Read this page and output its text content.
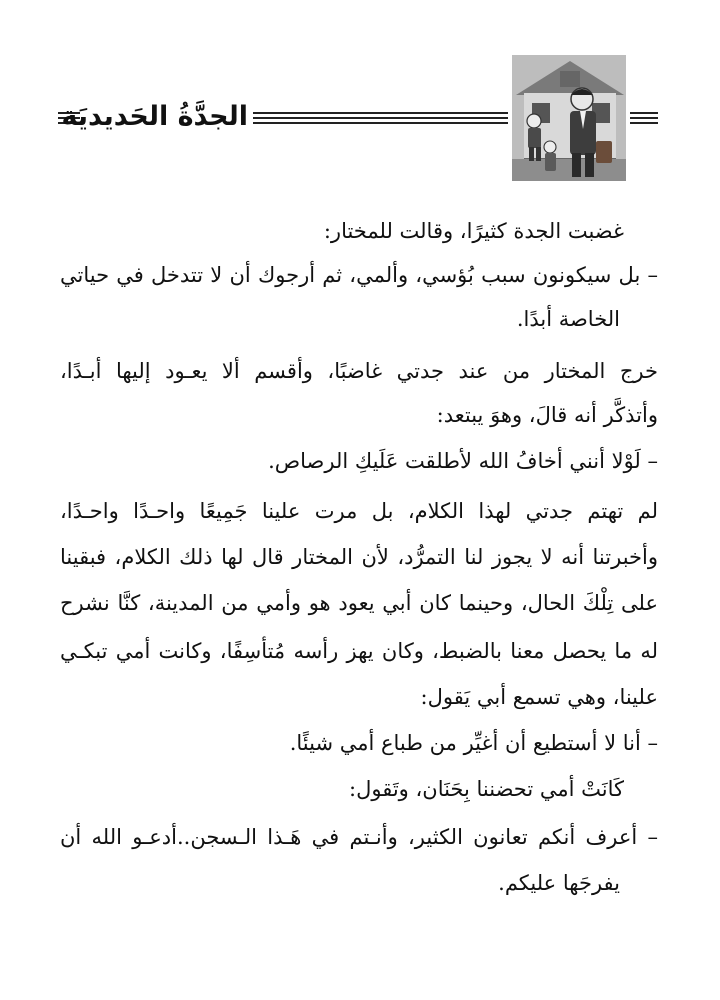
الجدَّةُ الحَديديَة
غضبت الجدة كثيرًا، وقالت للمختار:
– بل سيكونون سبب بُؤسي، وألمي، ثم أرجوك أن لا تتدخل في حياتي
الخاصة أبدًا.
خرج المختار من عند جدتي غاضبًا، وأقسم ألا يعـود إليها أبـدًا،
وأتذكَّر أنه قالَ، وهوَ يبتعد:
– لَوْلا أنني أخافُ الله لأطلقت عَلَيكِ الرصاص.
لم تهتم جدتي لهذا الكلام، بل مرت علينا جَمِيعًا واحـدًا واحـدًا،
وأخبرتنا أنه لا يجوز لنا التمرُّد، لأن المختار قال لها ذلك الكلام، فبقينا
على تِلْكَ الحال، وحينما كان أبي يعود هو وأمي من المدينة، كنَّا نشرح
له ما يحصل معنا بالضبط، وكان يهز رأسه مُتأسِفًا، وكانت أمي تبكـي
علينا، وهي تسمع أبي يَقول:
– أنا لا أستطيع أن أغيِّر من طباع أمي شيئًا.
كَانَتْ أمي تحضننا بِحَنَان، وتَقول:
– أعرف أنكم تعانون الكثير، وأنـتم في هَـذا الـسجن..أدعـو الله أن
يفرجَها عليكم.
